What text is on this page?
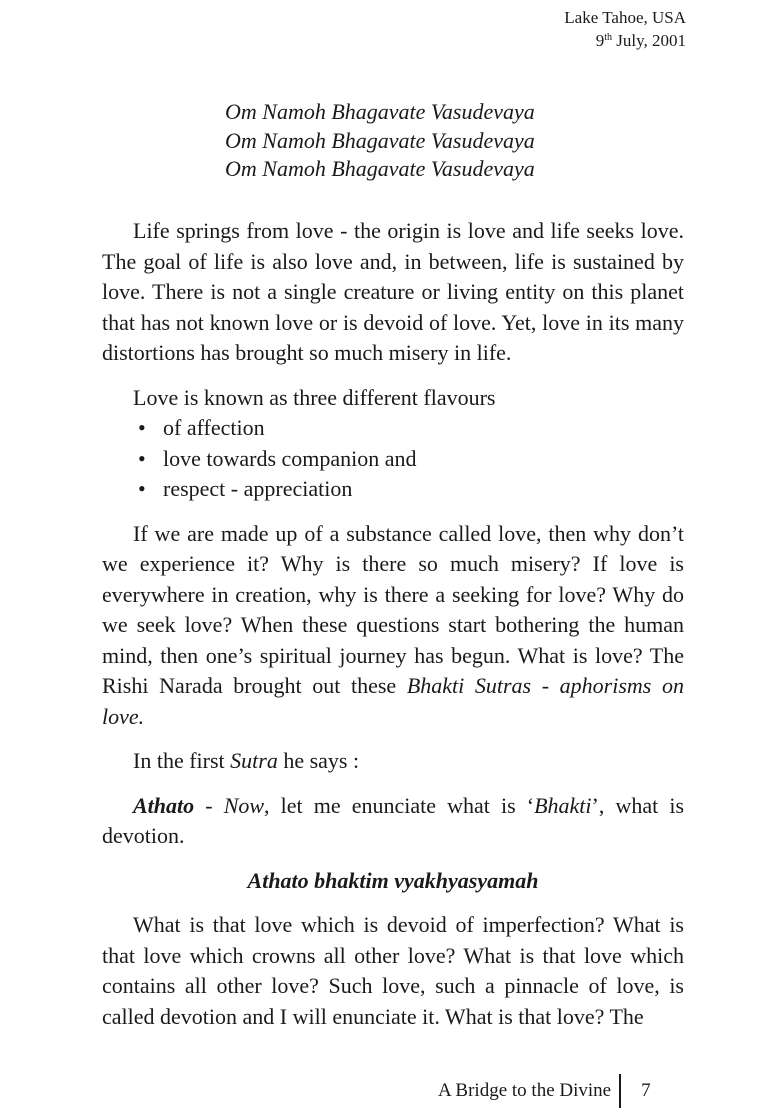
Lake Tahoe, USA
9th July, 2001
Om Namoh Bhagavate Vasudevaya
Om Namoh Bhagavate Vasudevaya
Om Namoh Bhagavate Vasudevaya

Life springs from love - the origin is love and life seeks love. The goal of life is also love and, in between, life is sustained by love. There is not a single creature or living entity on this planet that has not known love or is devoid of love. Yet, love in its many distortions has brought so much misery in life.

Love is known as three different flavours
• of affection
• love towards companion and
• respect - appreciation

If we are made up of a substance called love, then why don’t we experience it? Why is there so much misery? If love is everywhere in creation, why is there a seeking for love? Why do we seek love? When these questions start bothering the human mind, then one’s spiritual journey has begun. What is love? The Rishi Narada brought out these Bhakti Sutras - aphorisms on love.

In the first Sutra he says :

Athato - Now, let me enunciate what is ‘Bhakti’, what is devotion.

Athato bhaktim vyakhyasyamah

What is that love which is devoid of imperfection? What is that love which crowns all other love? What is that love which contains all other love? Such love, such a pinnacle of love, is called devotion and I will enunciate it. What is that love? The

A Bridge to the Divine 7
